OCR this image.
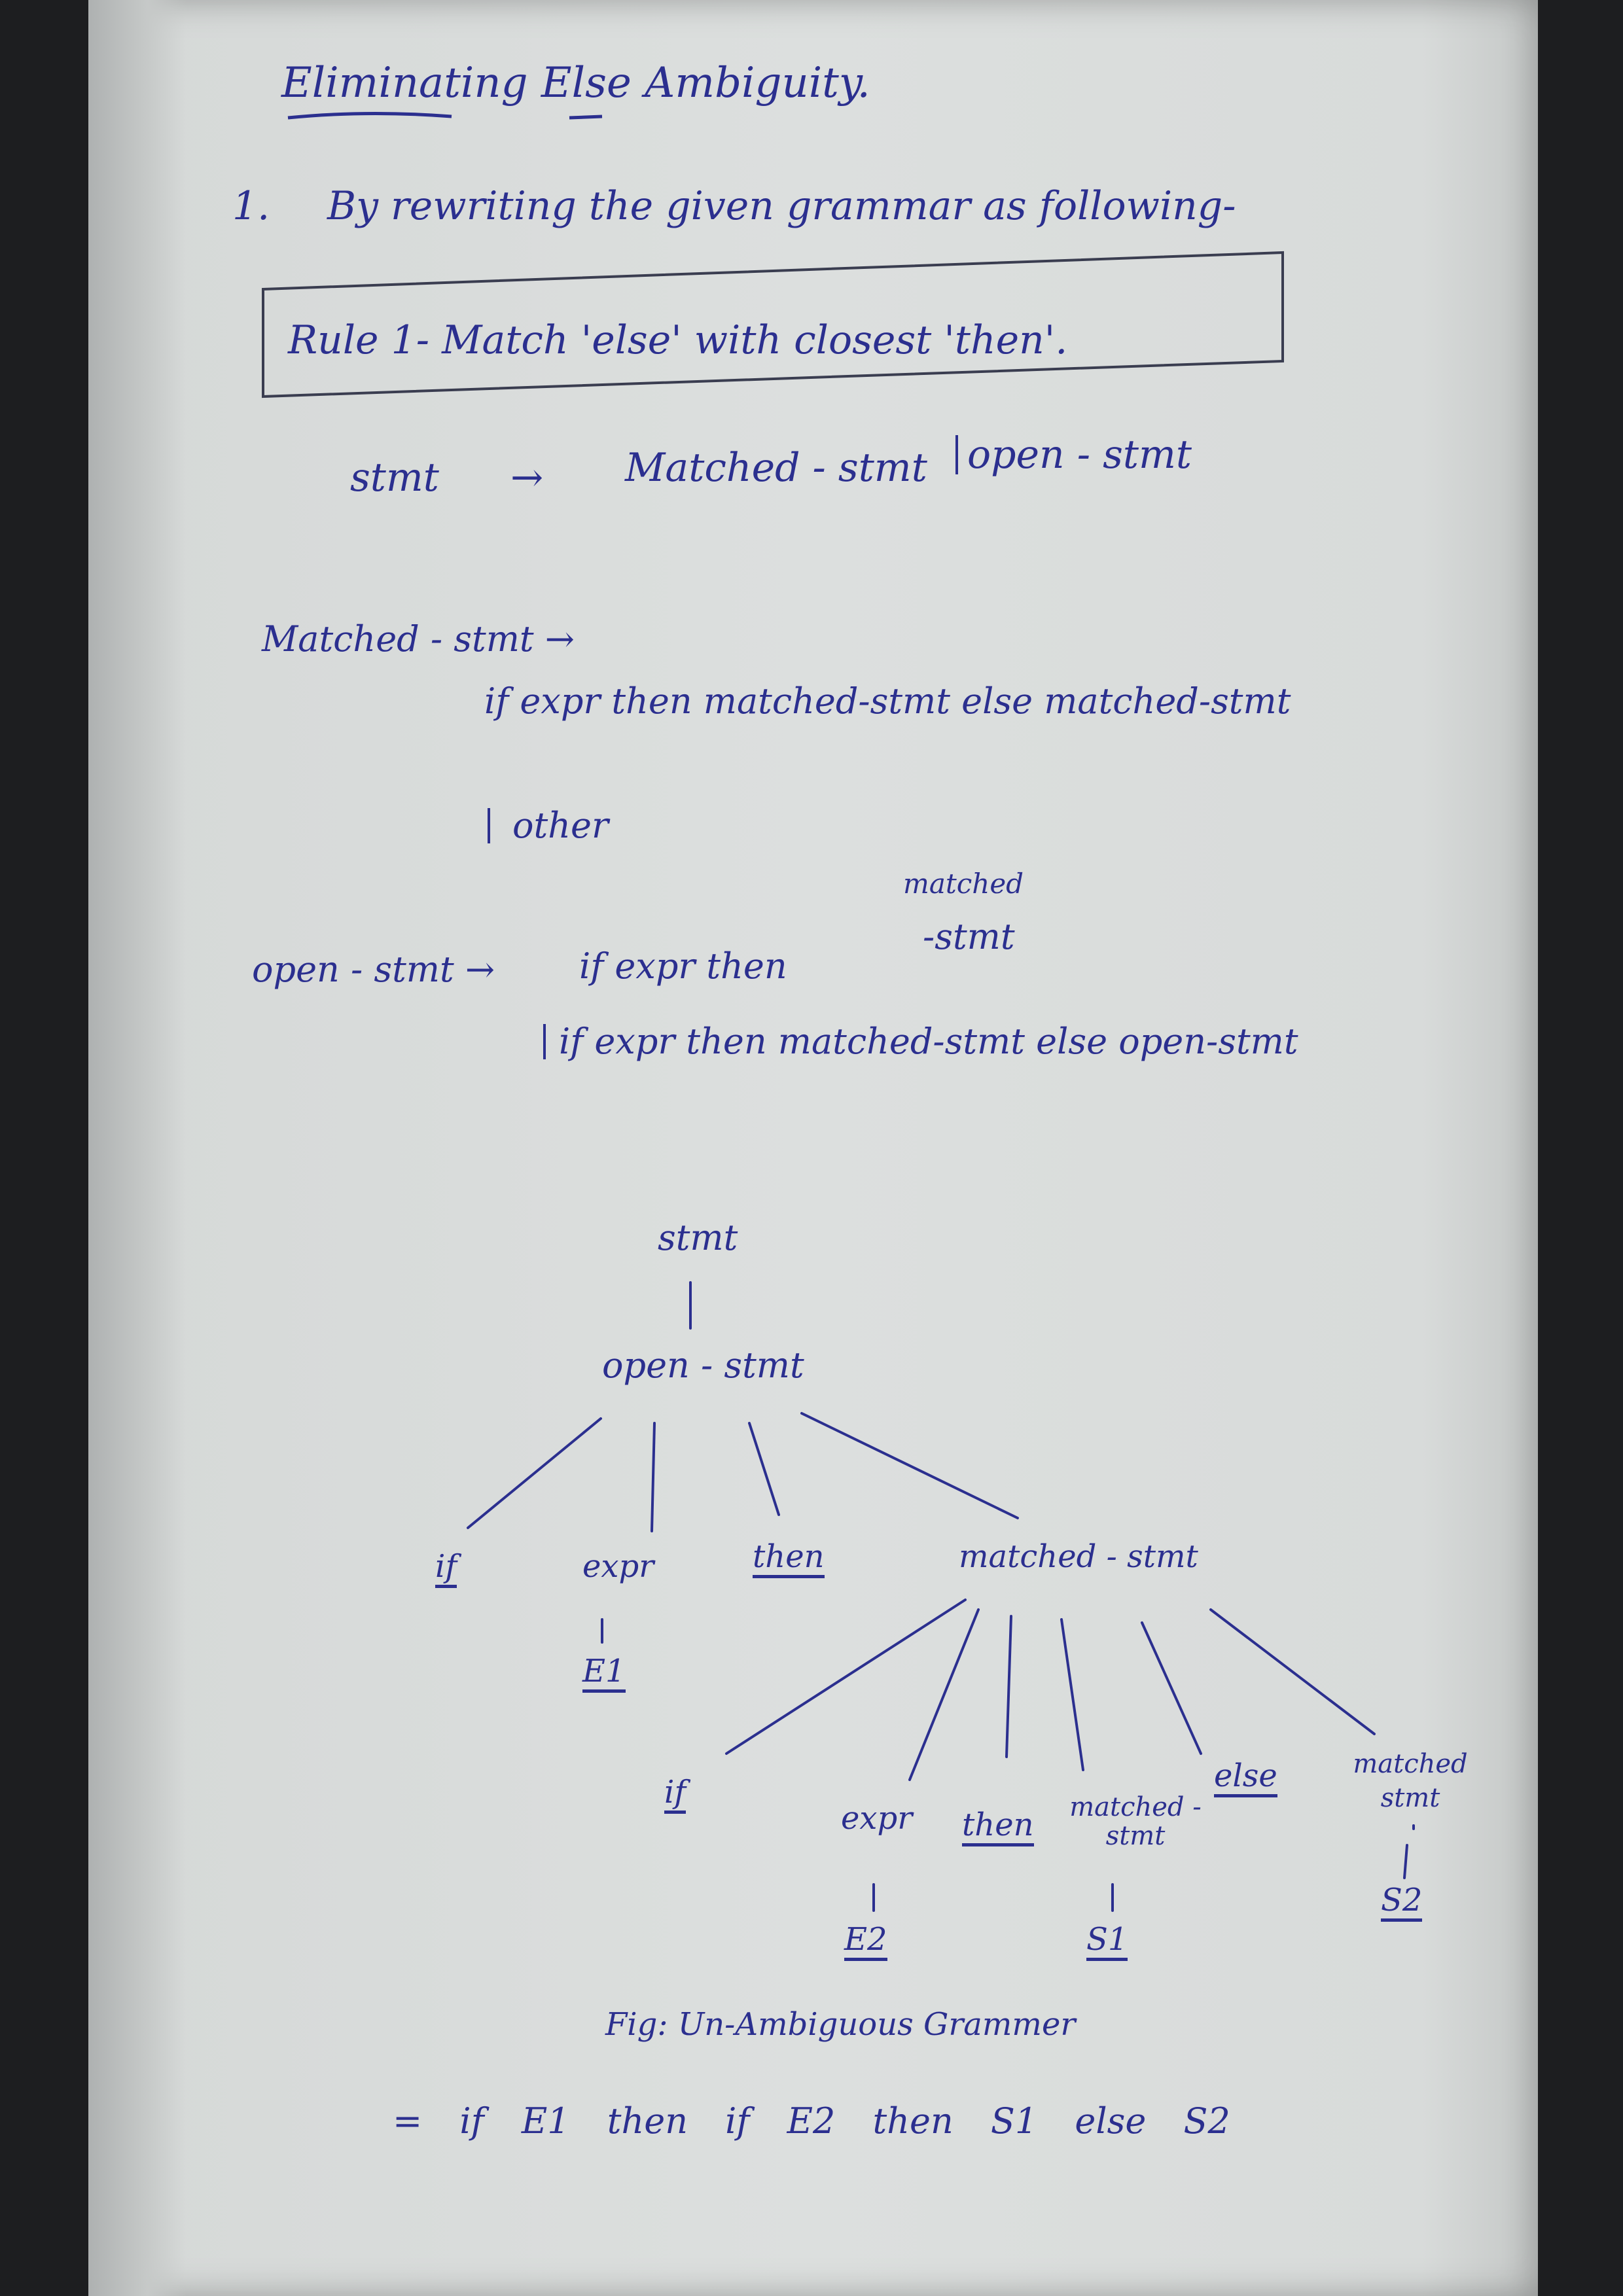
Eliminating Else Ambiguity.
1. By rewriting the given grammar as following-
Rule 1- Match 'else' with closest 'then'.
stmt → Matched - stmt	open - stmt
Matched - stmt →
if expr then matched-stmt else matched-stmt
other
open - stmt → if expr then
matched
-stmt
if expr then matched-stmt else open-stmt
stmt
open - stmt
if	expr	then	matched - stmt
E1
if
expr then matched - stmt
else	matched stmt
E2	S1
S2
Fig: Un-Ambiguous Grammer
= if E1 then if E2 then S1 else S2
